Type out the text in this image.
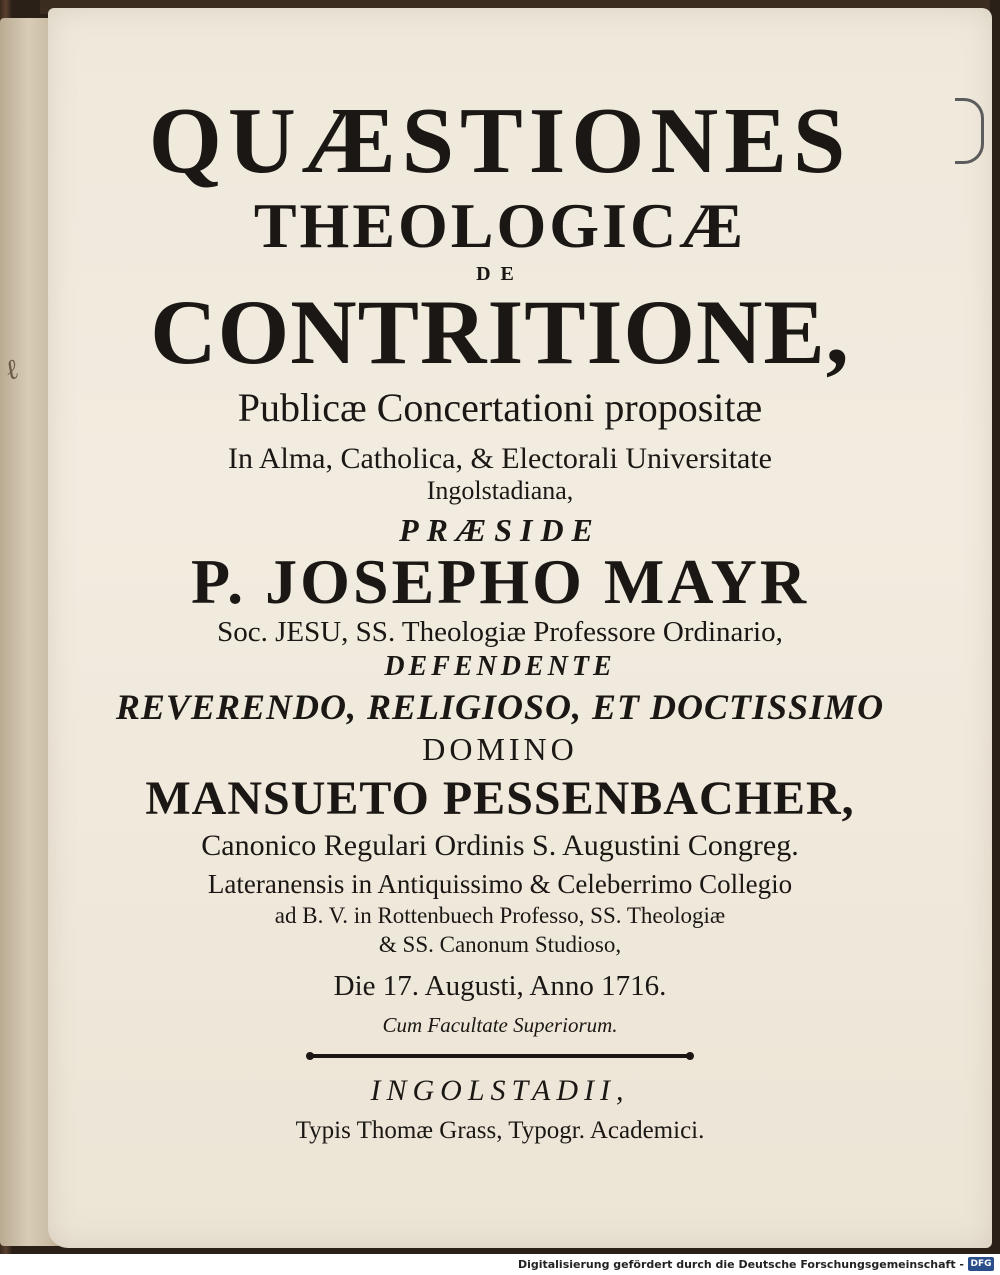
ℓ

QUÆSTIONES

THEOLOGICÆ

DE

CONTRITIONE,

Publicæ Concertationi propositæ

In Alma, Catholica, & Electorali Universitate

Ingolstadiana,

PRÆSIDE

P. JOSEPHO MAYR

Soc. JESU, SS. Theologiæ Professore Ordinario,

DEFENDENTE

REVERENDO, RELIGIOSO, ET DOCTISSIMO

DOMINO

MANSUETO PESSENBACHER,

Canonico Regulari Ordinis S. Augustini Congreg.

Lateranensis in Antiquissimo & Celeberrimo Collegio

ad B. V. in Rottenbuech Professo, SS. Theologiæ

& SS. Canonum Studioso,

Die 17. Augusti, Anno 1716.

Cum Facultate Superiorum.

INGOLSTADII,

Typis Thomæ Grass, Typogr. Academici.

Digitalisierung gefördert durch die Deutsche Forschungsgemeinschaft - DFG
